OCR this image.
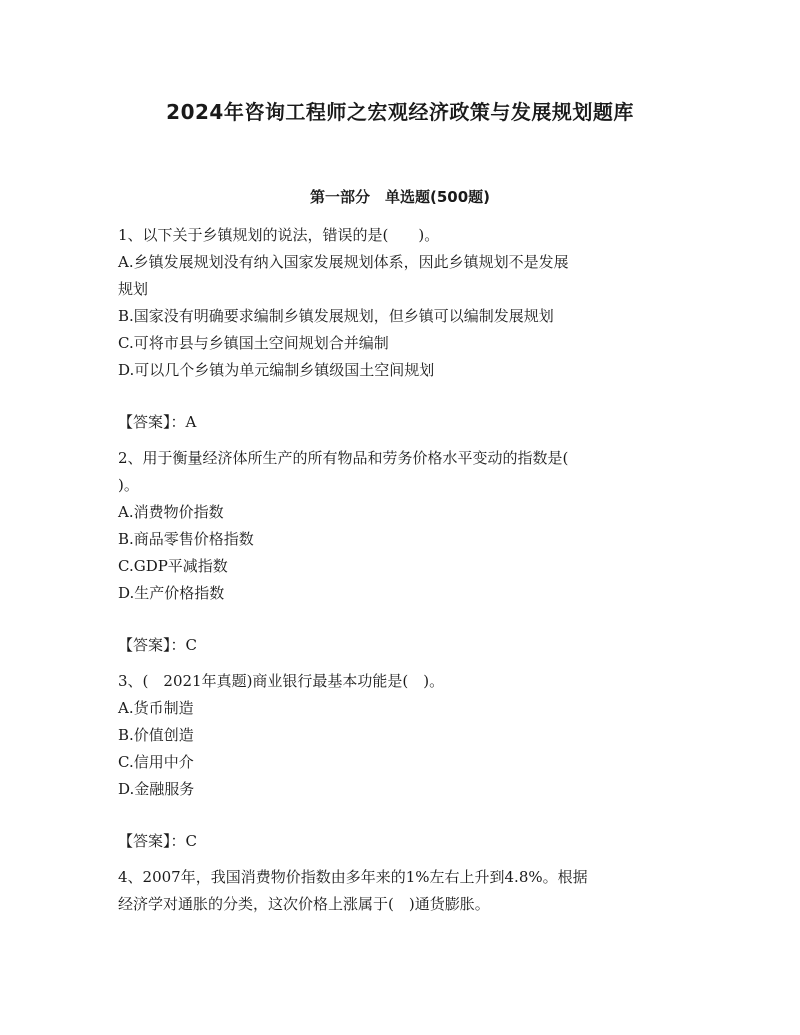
2024年咨询工程师之宏观经济政策与发展规划题库
第一部分　单选题(500题)
1、以下关于乡镇规划的说法，错误的是(　　)。
A.乡镇发展规划没有纳入国家发展规划体系，因此乡镇规划不是发展
规划
B.国家没有明确要求编制乡镇发展规划，但乡镇可以编制发展规划
C.可将市县与乡镇国土空间规划合并编制
D.可以几个乡镇为单元编制乡镇级国土空间规划
【答案】：A
2、用于衡量经济体所生产的所有物品和劳务价格水平变动的指数是(
)。
A.消费物价指数
B.商品零售价格指数
C.GDP平减指数
D.生产价格指数
【答案】：C
3、(　2021年真题)商业银行最基本功能是(　)。
A.货币制造
B.价值创造
C.信用中介
D.金融服务
【答案】：C
4、2007年，我国消费物价指数由多年来的1%左右上升到4.8%。根据
经济学对通胀的分类，这次价格上涨属于(　)通货膨胀。
